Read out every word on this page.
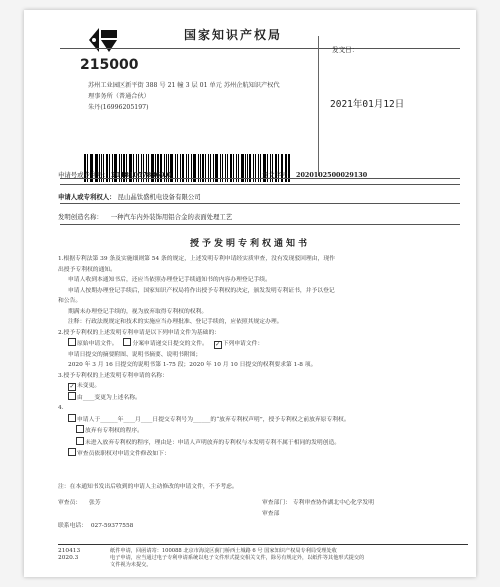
国家知识产权局
215000
苏州工业园区新平街 388 号 21 幢 3 层 01 单元 苏州企航知识产权代
理事务所（普通合伙）
朱丹(16996205197)
发文日：
2021年01月12日
申请号或专利号： 201810578369.0	发文序号： 2020102500029130
申请人或专利权人： 昆山晶钛盛机电设备有限公司
发明创造名称： 一种汽车内外装饰用铝合金的表面处理工艺
授予发明专利权通知书
1.根据专利法第 39 条及实施细则第 54 条的规定，上述发明专利申请经实质审查，没有发现驳回理由，现作
出授予专利权的通知。
申请人收到本通知书后，还应当依照办理登记手续通知书的内容办理登记手续。
申请人按期办理登记手续后，国家知识产权局将作出授予专利权的决定，颁发发明专利证书，并予以登记
和公告。
期满未办理登记手续的，视为放弃取得专利权的权利。
注释：行政法规规定和技术的实施应当办理批准、登记手续的，应依照其规定办理。
2.授予专利权的上述发明专利申请是以下列申请文件为基础的：
原始申请文件。	分案申请递交日提交的文件。 ✓ 下列申请文件：
申请日提交的摘要附图、说明书摘要、说明书附图；
2020 年 3 月 16 日提交的说明书第 1-75 段；2020 年 10 月 10 日提交的权利要求第 1-8 项。
3.授予专利权的上述发明专利申请的名称：
✓ 未变更。
由____变更为上述名称。
4.
申请人于______年____月____日提交专利号为______的“放弃专利权声明”，授予专利权之前放弃原专利权。
放弃有专利权的程序。
未进入放弃专利权的程序，理由是：申请人声明放弃的专利权与本发明专利不属于相同的发明创造。
审查员依职权对申请文件修改如下：
注：在本通知书发出后收到的申请人主动修改的申请文件，不予考虑。
审查员： 张芳	审查部门： 专利审查协作湖北中心化学发明
审查部
联系电话： 027-59377558
210413
2020.3
纸件申请，回函请寄：100088 北京市海淀区蓟门桥西土城路 6 号 国家知识产权局专利局受理处收
电子申请，应当通过电子专利申请系统以电子文件形式提交相关文件，除另有规定外，以纸件等其他形式提交的
文件视为未提交。
